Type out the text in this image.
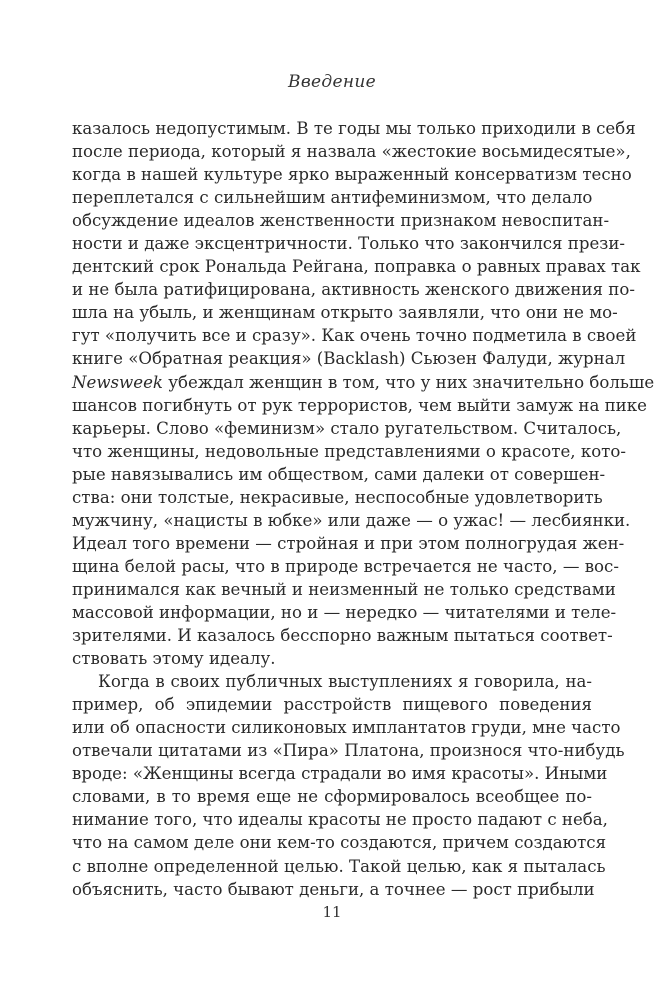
Введение
казалось недопустимым. В те годы мы только приходили в себя
после периода, который я назвала «жестокие восьмидесятые»,
когда в нашей культуре ярко выраженный консерватизм тесно
переплетался с сильнейшим антифеминизмом, что делало
обсуждение идеалов женственности признаком невоспитан-
ности и даже эксцентричности. Только что закончился прези-
дентский срок Рональда Рейгана, поправка о равных правах так
и не была ратифицирована, активность женского движения по-
шла на убыль, и женщинам открыто заявляли, что они не мо-
гут «получить все и сразу». Как очень точно подметила в своей
книге «Обратная реакция» (Backlash) Сьюзен Фалуди, журнал
Newsweek убеждал женщин в том, что у них значительно больше
шансов погибнуть от рук террористов, чем выйти замуж на пике
карьеры. Слово «феминизм» стало ругательством. Считалось,
что женщины, недовольные представлениями о красоте, кото-
рые навязывались им обществом, сами далеки от совершен-
ства: они толстые, некрасивые, неспособные удовлетворить
мужчину, «нацисты в юбке» или даже — о ужас! — лесбиянки.
Идеал того времени — стройная и при этом полногрудая жен-
щина белой расы, что в природе встречается не часто, — вос-
принимался как вечный и неизменный не только средствами
массовой информации, но и — нередко — читателями и теле-
зрителями. И казалось бесспорно важным пытаться соответ-
ствовать этому идеалу.
Когда в своих публичных выступлениях я говорила, на-
пример, об эпидемии расстройств пищевого поведения
или об опасности силиконовых имплантатов груди, мне часто
отвечали цитатами из «Пира» Платона, произнося что-нибудь
вроде: «Женщины всегда страдали во имя красоты». Иными
словами, в то время еще не сформировалось всеобщее по-
нимание того, что идеалы красоты не просто падают с неба,
что на самом деле они кем-то создаются, причем создаются
с вполне определенной целью. Такой целью, как я пыталась
объяснить, часто бывают деньги, а точнее — рост прибыли
11
